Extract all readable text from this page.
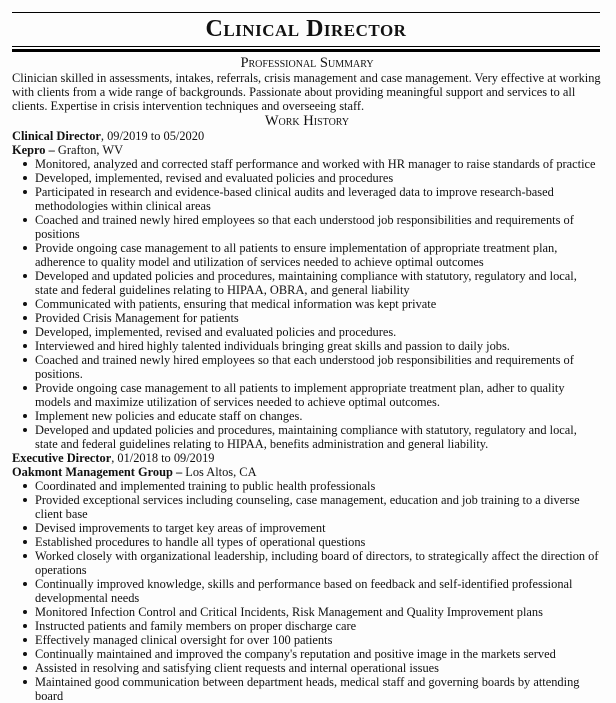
Clinical Director
Professional Summary

Clinician skilled in assessments, intakes, referrals, crisis management and case management. Very effective at working with clients from a wide range of backgrounds. Passionate about providing meaningful support and services to all clients. Expertise in crisis intervention techniques and overseeing staff.

Work History
Clinical Director, 09/2019 to 05/2020
Kepro – Grafton, WV
Monitored, analyzed and corrected staff performance and worked with HR manager to raise standards of practice
Developed, implemented, revised and evaluated policies and procedures
Participated in research and evidence-based clinical audits and leveraged data to improve research-based methodologies within clinical areas
Coached and trained newly hired employees so that each understood job responsibilities and requirements of positions
Provide ongoing case management to all patients to ensure implementation of appropriate treatment plan, adherence to quality model and utilization of services needed to achieve optimal outcomes
Developed and updated policies and procedures, maintaining compliance with statutory, regulatory and local, state and federal guidelines relating to HIPAA, OBRA, and general liability
Communicated with patients, ensuring that medical information was kept private
Provided Crisis Management for patients
Developed, implemented, revised and evaluated policies and procedures.
Interviewed and hired highly talented individuals bringing great skills and passion to daily jobs.
Coached and trained newly hired employees so that each understood job responsibilities and requirements of positions.
Provide ongoing case management to all patients to implement appropriate treatment plan, adher to quality models and maximize utilization of services needed to achieve optimal outcomes.
Implement new policies and educate staff on changes.
Developed and updated policies and procedures, maintaining compliance with statutory, regulatory and local, state and federal guidelines relating to HIPAA, benefits administration and general liability.
Executive Director, 01/2018 to 09/2019
Oakmont Management Group – Los Altos, CA
Coordinated and implemented training to public health professionals
Provided exceptional services including counseling, case management, education and job training to a diverse client base
Devised improvements to target key areas of improvement
Established procedures to handle all types of operational questions
Worked closely with organizational leadership, including board of directors, to strategically affect the direction of operations
Continually improved knowledge, skills and performance based on feedback and self-identified professional developmental needs
Monitored Infection Control and Critical Incidents, Risk Management and Quality Improvement plans
Instructed patients and family members on proper discharge care
Effectively managed clinical oversight for over 100 patients
Continually maintained and improved the company's reputation and positive image in the markets served
Assisted in resolving and satisfying client requests and internal operational issues
Maintained good communication between department heads, medical staff and governing boards by attending board
